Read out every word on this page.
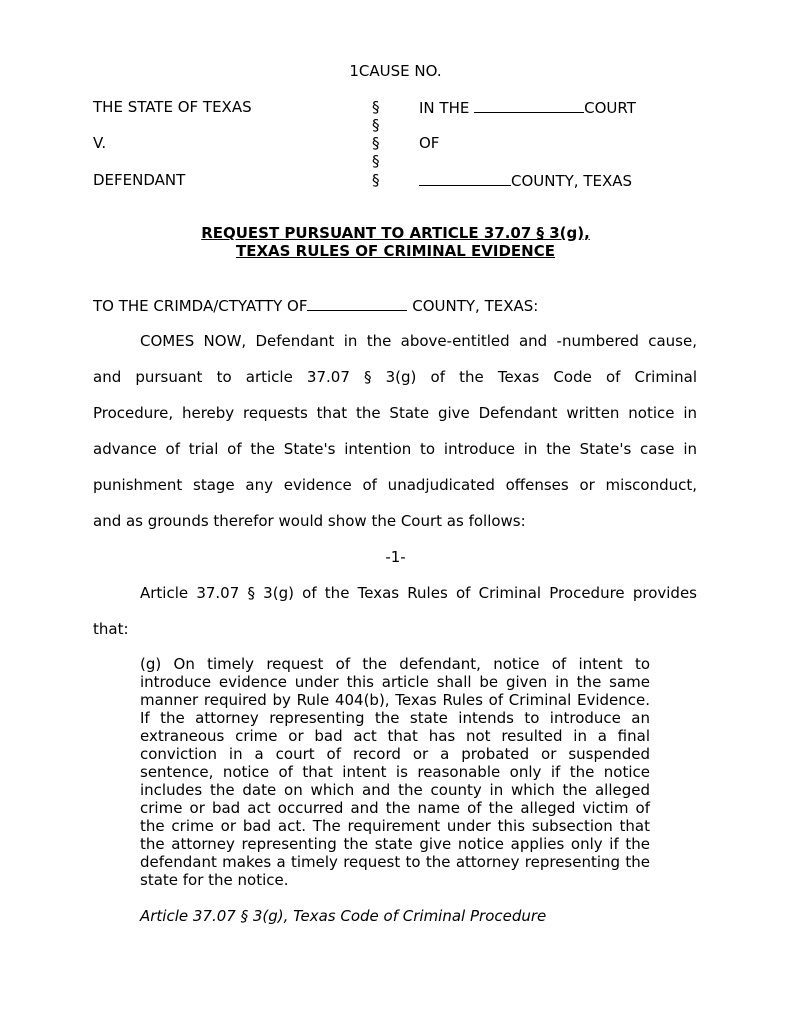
1CAUSE NO.
THE STATE OF TEXAS
V.
DEFENDANT
§
§
§
§
§
IN THE	COURT
OF
COUNTY, TEXAS
REQUEST PURSUANT TO ARTICLE 37.07 § 3(g),
TEXAS RULES OF CRIMINAL EVIDENCE
TO THE CRIMDA/CTYATTY OF	COUNTY, TEXAS:
COMES NOW, Defendant in the above-entitled and -numbered cause,
and pursuant to article 37.07 § 3(g) of the Texas Code of Criminal
Procedure, hereby requests that the State give Defendant written notice in
advance of trial of the State's intention to introduce in the State's case in
punishment stage any evidence of unadjudicated offenses or misconduct,
and as grounds therefor would show the Court as follows:
-1-
Article 37.07 § 3(g) of the Texas Rules of Criminal Procedure provides
that:
(g) On timely request of the defendant, notice of intent to introduce evidence under this article shall be given in the same manner required by Rule 404(b), Texas Rules of Criminal Evidence. If the attorney representing the state intends to introduce an extraneous crime or bad act that has not resulted in a final conviction in a court of record or a probated or suspended sentence, notice of that intent is reasonable only if the notice includes the date on which and the county in which the alleged crime or bad act occurred and the name of the alleged victim of the crime or bad act. The requirement under this subsection that the attorney representing the state give notice applies only if the defendant makes a timely request to the attorney representing the state for the notice.
Article 37.07 § 3(g), Texas Code of Criminal Procedure
